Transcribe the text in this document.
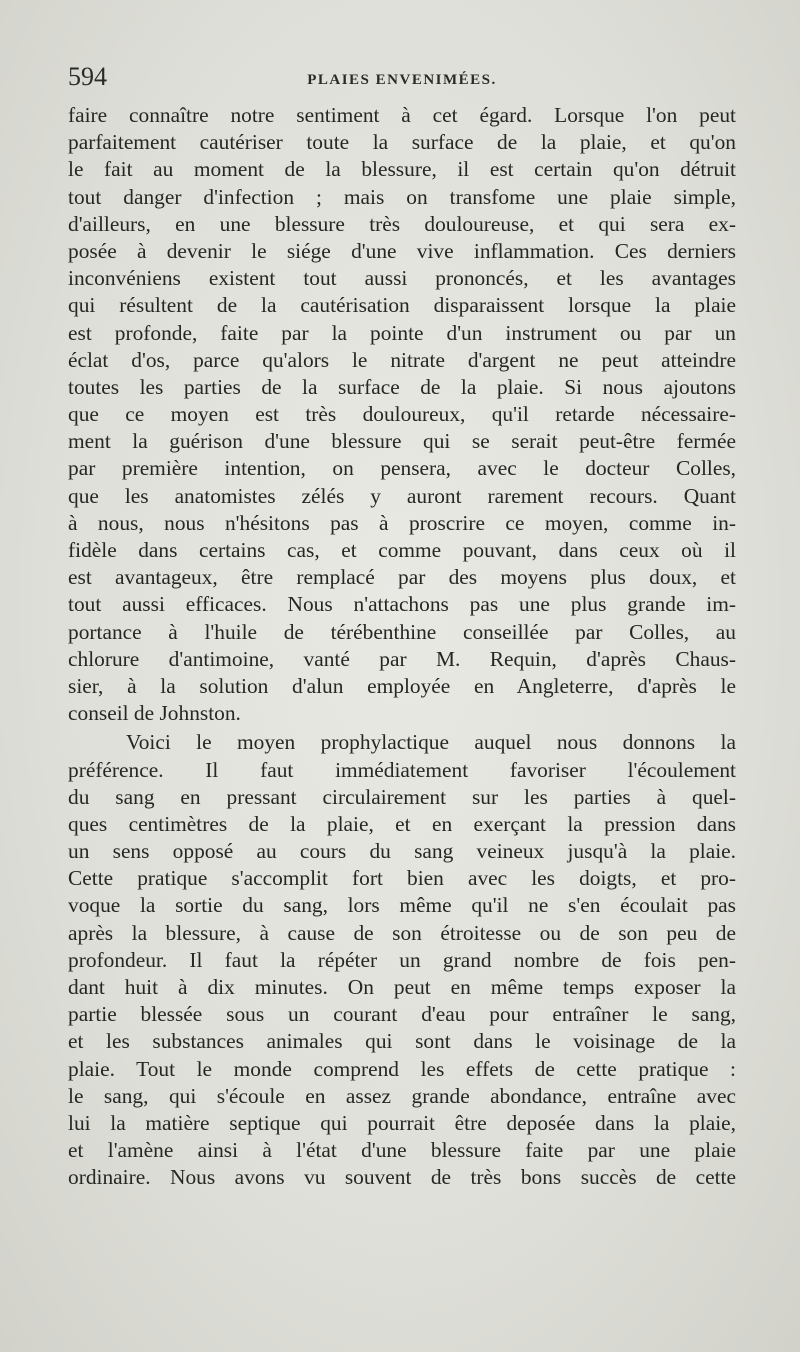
594	PLAIES ENVENIMÉES.
faire connaître notre sentiment à cet égard. Lorsque l'on peut
parfaitement cautériser toute la surface de la plaie, et qu'on
le fait au moment de la blessure, il est certain qu'on détruit
tout danger d'infection ; mais on transfome une plaie simple,
d'ailleurs, en une blessure très douloureuse, et qui sera ex-
posée à devenir le siége d'une vive inflammation. Ces derniers
inconvéniens existent tout aussi prononcés, et les avantages
qui résultent de la cautérisation disparaissent lorsque la plaie
est profonde, faite par la pointe d'un instrument ou par un
éclat d'os, parce qu'alors le nitrate d'argent ne peut atteindre
toutes les parties de la surface de la plaie. Si nous ajoutons
que ce moyen est très douloureux, qu'il retarde nécessaire-
ment la guérison d'une blessure qui se serait peut-être fermée
par première intention, on pensera, avec le docteur Colles,
que les anatomistes zélés y auront rarement recours. Quant
à nous, nous n'hésitons pas à proscrire ce moyen, comme in-
fidèle dans certains cas, et comme pouvant, dans ceux où il
est avantageux, être remplacé par des moyens plus doux, et
tout aussi efficaces. Nous n'attachons pas une plus grande im-
portance à l'huile de térébenthine conseillée par Colles, au
chlorure d'antimoine, vanté par M. Requin, d'après Chaus-
sier, à la solution d'alun employée en Angleterre, d'après le
conseil de Johnston.
Voici le moyen prophylactique auquel nous donnons la
préférence. Il faut immédiatement favoriser l'écoulement
du sang en pressant circulairement sur les parties à quel-
ques centimètres de la plaie, et en exerçant la pression dans
un sens opposé au cours du sang veineux jusqu'à la plaie.
Cette pratique s'accomplit fort bien avec les doigts, et pro-
voque la sortie du sang, lors même qu'il ne s'en écoulait pas
après la blessure, à cause de son étroitesse ou de son peu de
profondeur. Il faut la répéter un grand nombre de fois pen-
dant huit à dix minutes. On peut en même temps exposer la
partie blessée sous un courant d'eau pour entraîner le sang,
et les substances animales qui sont dans le voisinage de la
plaie. Tout le monde comprend les effets de cette pratique :
le sang, qui s'écoule en assez grande abondance, entraîne avec
lui la matière septique qui pourrait être deposée dans la plaie,
et l'amène ainsi à l'état d'une blessure faite par une plaie
ordinaire. Nous avons vu souvent de très bons succès de cette
